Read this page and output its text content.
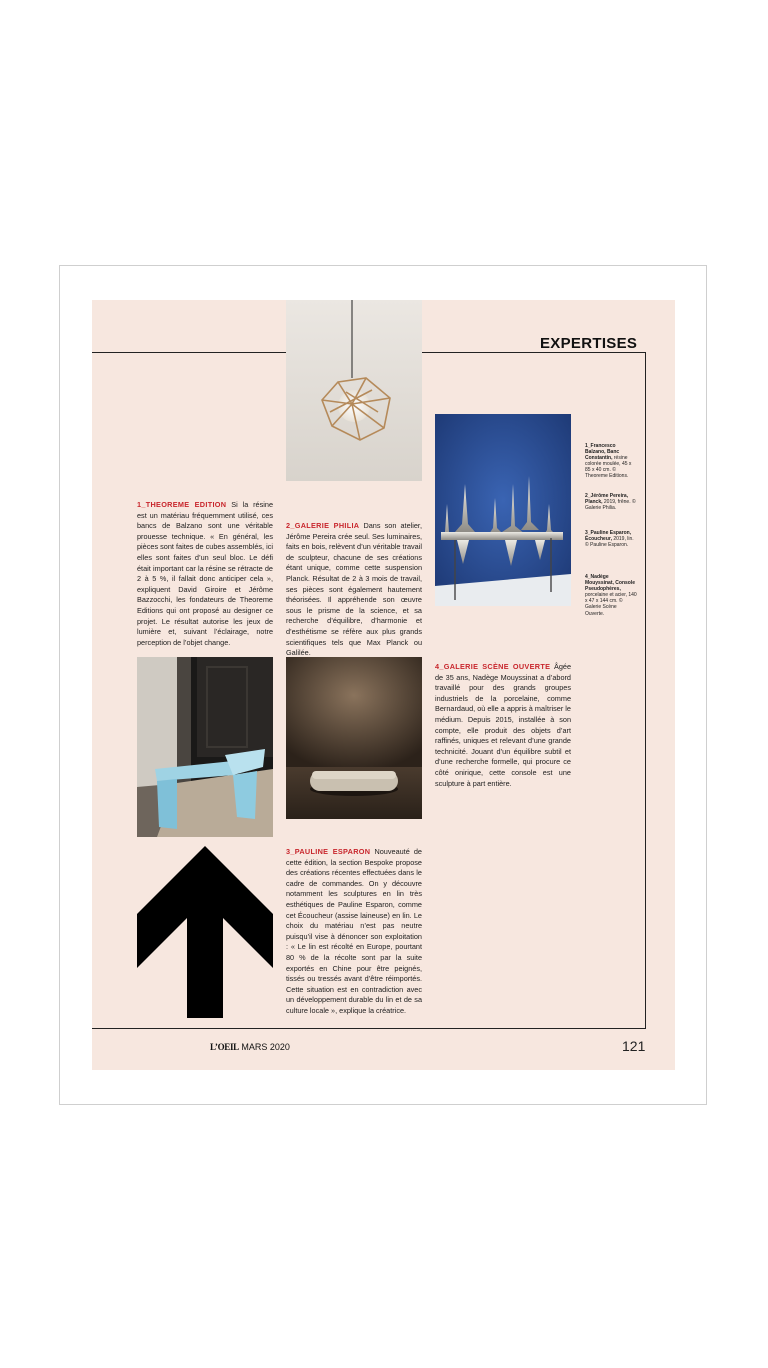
EXPERTISES
1_THEOREME EDITION Si la résine est un matériau fréquemment utilisé, ces bancs de Balzano sont une véritable prouesse technique. « En général, les pièces sont faites de cubes assemblés, ici elles sont faites d’un seul bloc. Le défi était important car la résine se rétracte de 2 à 5 %, il fallait donc anticiper cela », expliquent David Giroire et Jérôme Bazzocchi, les fondateurs de Theoreme Editions qui ont proposé au designer ce projet. Le résultat autorise les jeux de lumière et, suivant l’éclairage, notre perception de l’objet change.
2_GALERIE PHILIA Dans son atelier, Jérôme Pereira crée seul. Ses luminaires, faits en bois, relèvent d’un véritable travail de sculpteur, chacune de ses créations étant unique, comme cette suspension Planck. Résultat de 2 à 3 mois de travail, ses pièces sont également hautement théorisées. Il appréhende son œuvre sous le prisme de la science, et sa recherche d’équilibre, d’harmonie et d’esthétisme se réfère aux plus grands scientifiques tels que Max Planck ou Galilée.
3_PAULINE ESPARON Nouveauté de cette édition, la section Bespoke propose des créations récentes effectuées dans le cadre de commandes. On y découvre notamment les sculptures en lin très esthétiques de Pauline Esparon, comme cet Écoucheur (assise laineuse) en lin. Le choix du matériau n’est pas neutre puisqu’il vise à dénoncer son exploitation : « Le lin est récolté en Europe, pourtant 80 % de la récolte sont par la suite exportés en Chine pour être peignés, tissés ou tressés avant d’être réimportés. Cette situation est en contradiction avec un développement durable du lin et de sa culture locale », explique la créatrice.
4_GALERIE SCÈNE OUVERTE Âgée de 35 ans, Nadège Mouyssinat a d’abord travaillé pour des grands groupes industriels de la porcelaine, comme Bernardaud, où elle a appris à maîtriser le médium. Depuis 2015, installée à son compte, elle produit des objets d’art raffinés, uniques et relevant d’une grande technicité. Jouant d’un équilibre subtil et d’une recherche formelle, qui procure ce côté onirique, cette console est une sculpture à part entière.
1_Francesco Balzano, Banc Constantin, résine colorée moulée, 45 x 85 x 40 cm. © Theoreme Editions.
2_Jérôme Pereira, Planck, 2019, frêne. © Galerie Philia.
3_Pauline Esparon, Écoucheur, 2019, lin. © Pauline Esparon.
4_Nadège Mouyssinat, Console Pseudophères, porcelaine et acier, 140 x 47 x 144 cm. © Galerie Scène Ouverte.
L’OEIL MARS 2020	121
